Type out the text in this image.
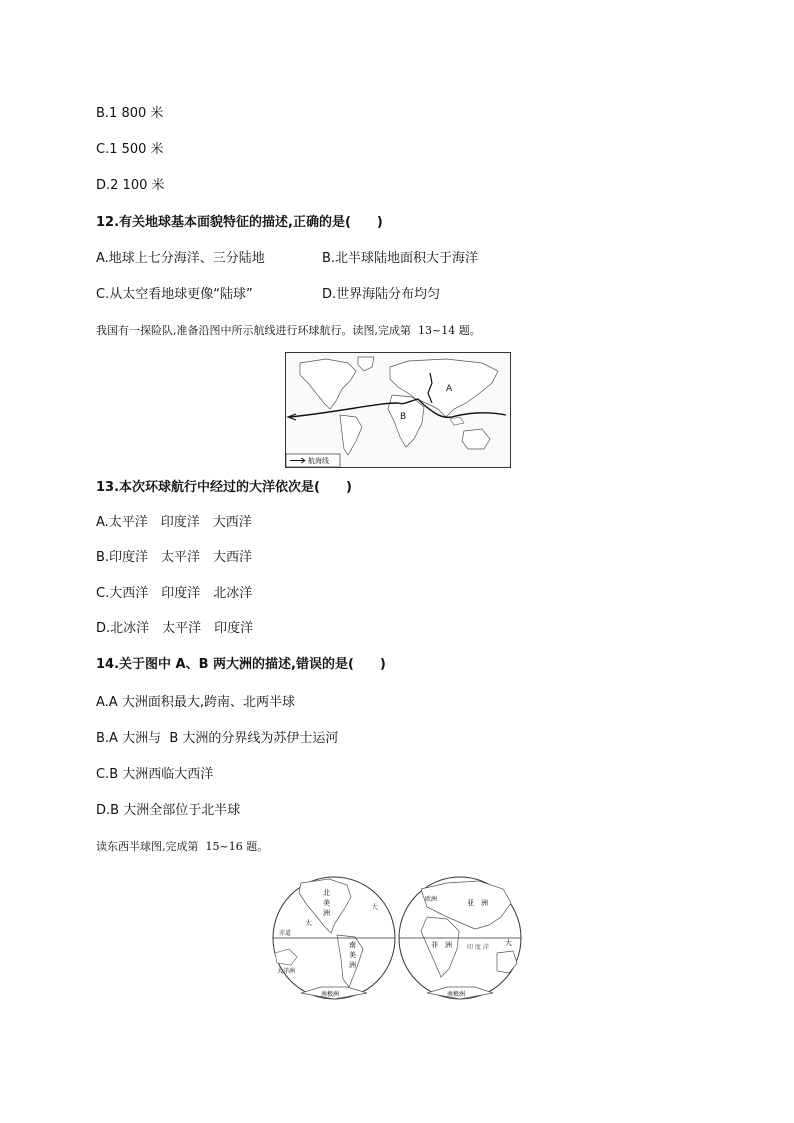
B.1 800 米
C.1 500 米
D.2 100 米
12.有关地球基本面貌特征的描述,正确的是(　　)
A.地球上七分海洋、三分陆地	B.北半球陆地面积大于海洋
C.从太空看地球更像“陆球”	D.世界海陆分布均匀
我国有一探险队,准备沿图中所示航线进行环球航行。读图,完成第  13~14 题。
A
B
航海线
13.本次环球航行中经过的大洋依次是(　　)
A.太平洋　印度洋　大西洋
B.印度洋　太平洋　大西洋
C.大西洋　印度洋　北冰洋
D.北冰洋　太平洋　印度洋
14.关于图中 A、B 两大洲的描述,错误的是(　　)
A.A 大洲面积最大,跨南、北两半球
B.A 大洲与  B 大洲的分界线为苏伊士运河
C.B 大洲西临大西洋
D.B 大洲全部位于北半球
读东西半球图,完成第  15~16 题。
北
美
洲
南
美
洲
太
大
赤道
大洋洲
南极洲
欧洲	亚　洲
非　洲	印 度 洋
大
南极洲
